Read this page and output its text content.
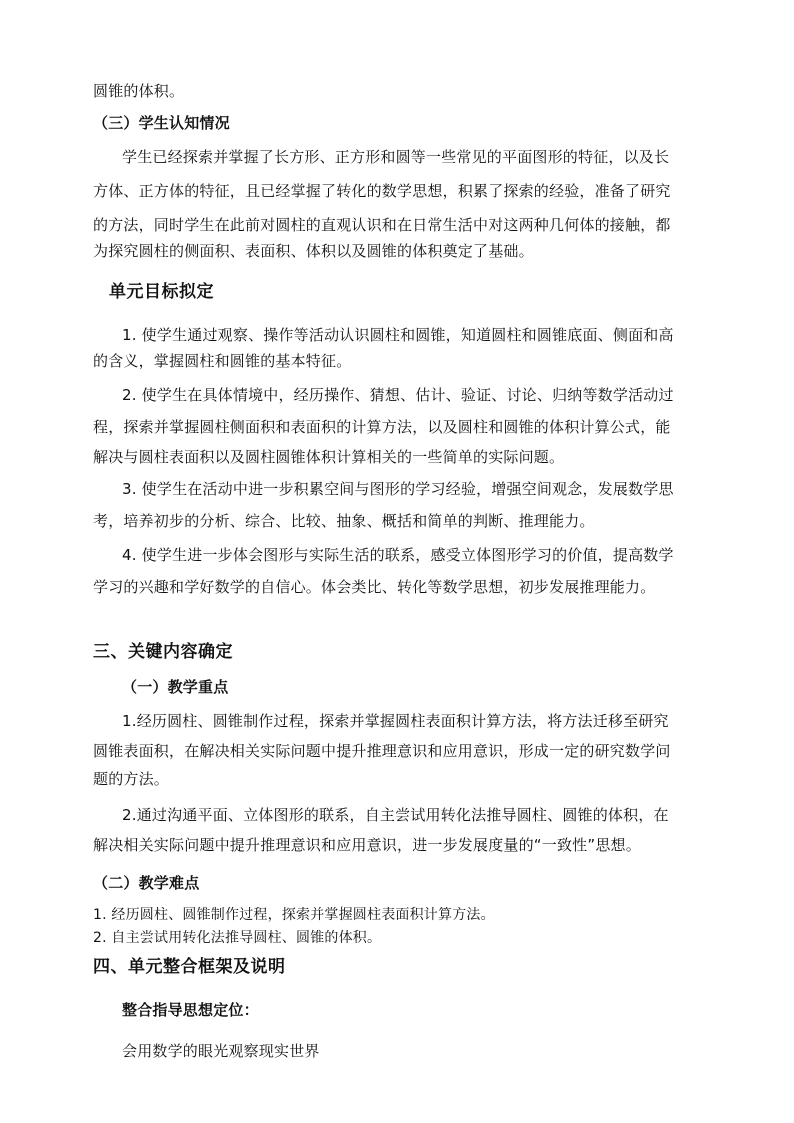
圆锥的体积。
（三）学生认知情况
学生已经探索并掌握了长方形、正方形和圆等一些常见的平面图形的特征，以及长
方体、正方体的特征，且已经掌握了转化的数学思想，积累了探索的经验，准备了研究
的方法，同时学生在此前对圆柱的直观认识和在日常生活中对这两种几何体的接触，都
为探究圆柱的侧面积、表面积、体积以及圆锥的体积奠定了基础。
单元目标拟定
1. 使学生通过观察、操作等活动认识圆柱和圆锥，知道圆柱和圆锥底面、侧面和高
的含义，掌握圆柱和圆锥的基本特征。
2. 使学生在具体情境中，经历操作、猜想、估计、验证、讨论、归纳等数学活动过
程，探索并掌握圆柱侧面积和表面积的计算方法，以及圆柱和圆锥的体积计算公式，能
解决与圆柱表面积以及圆柱圆锥体积计算相关的一些简单的实际问题。
3. 使学生在活动中进一步积累空间与图形的学习经验，增强空间观念，发展数学思
考，培养初步的分析、综合、比较、抽象、概括和简单的判断、推理能力。
4. 使学生进一步体会图形与实际生活的联系，感受立体图形学习的价值，提高数学
学习的兴趣和学好数学的自信心。体会类比、转化等数学思想，初步发展推理能力。
三、关键内容确定
（一）教学重点
1.经历圆柱、圆锥制作过程，探索并掌握圆柱表面积计算方法，将方法迁移至研究
圆锥表面积，在解决相关实际问题中提升推理意识和应用意识，形成一定的研究数学问
题的方法。
2.通过沟通平面、立体图形的联系，自主尝试用转化法推导圆柱、圆锥的体积，在
解决相关实际问题中提升推理意识和应用意识，进一步发展度量的“一致性”思想。
（二）教学难点
1. 经历圆柱、圆锥制作过程，探索并掌握圆柱表面积计算方法。
2. 自主尝试用转化法推导圆柱、圆锥的体积。
四、单元整合框架及说明
整合指导思想定位：
会用数学的眼光观察现实世界
